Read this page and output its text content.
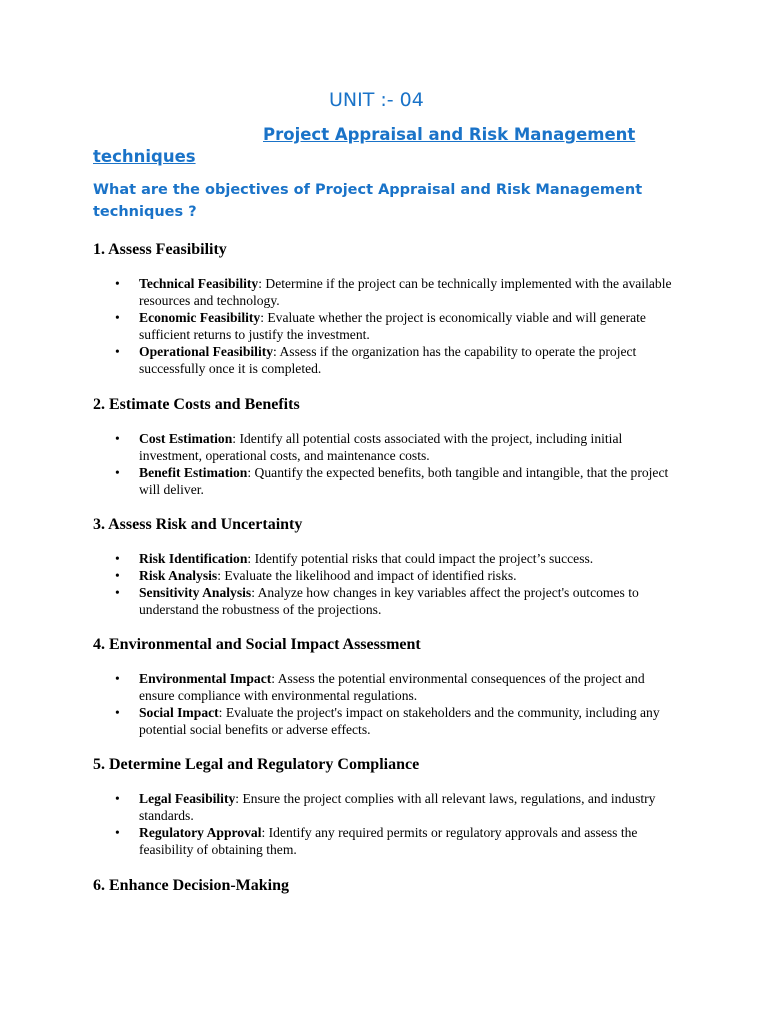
UNIT :- 04
Project Appraisal and Risk Management techniques

What are the objectives of Project Appraisal and Risk Management techniques ?

1. Assess Feasibility
• Technical Feasibility: Determine if the project can be technically implemented with the available resources and technology.
• Economic Feasibility: Evaluate whether the project is economically viable and will generate sufficient returns to justify the investment.
• Operational Feasibility: Assess if the organization has the capability to operate the project successfully once it is completed.
2. Estimate Costs and Benefits
• Cost Estimation: Identify all potential costs associated with the project, including initial investment, operational costs, and maintenance costs.
• Benefit Estimation: Quantify the expected benefits, both tangible and intangible, that the project will deliver.
3. Assess Risk and Uncertainty
• Risk Identification: Identify potential risks that could impact the project’s success.
• Risk Analysis: Evaluate the likelihood and impact of identified risks.
• Sensitivity Analysis: Analyze how changes in key variables affect the project's outcomes to understand the robustness of the projections.
4. Environmental and Social Impact Assessment
• Environmental Impact: Assess the potential environmental consequences of the project and ensure compliance with environmental regulations.
• Social Impact: Evaluate the project's impact on stakeholders and the community, including any potential social benefits or adverse effects.
5. Determine Legal and Regulatory Compliance
• Legal Feasibility: Ensure the project complies with all relevant laws, regulations, and industry standards.
• Regulatory Approval: Identify any required permits or regulatory approvals and assess the feasibility of obtaining them.
6. Enhance Decision-Making
